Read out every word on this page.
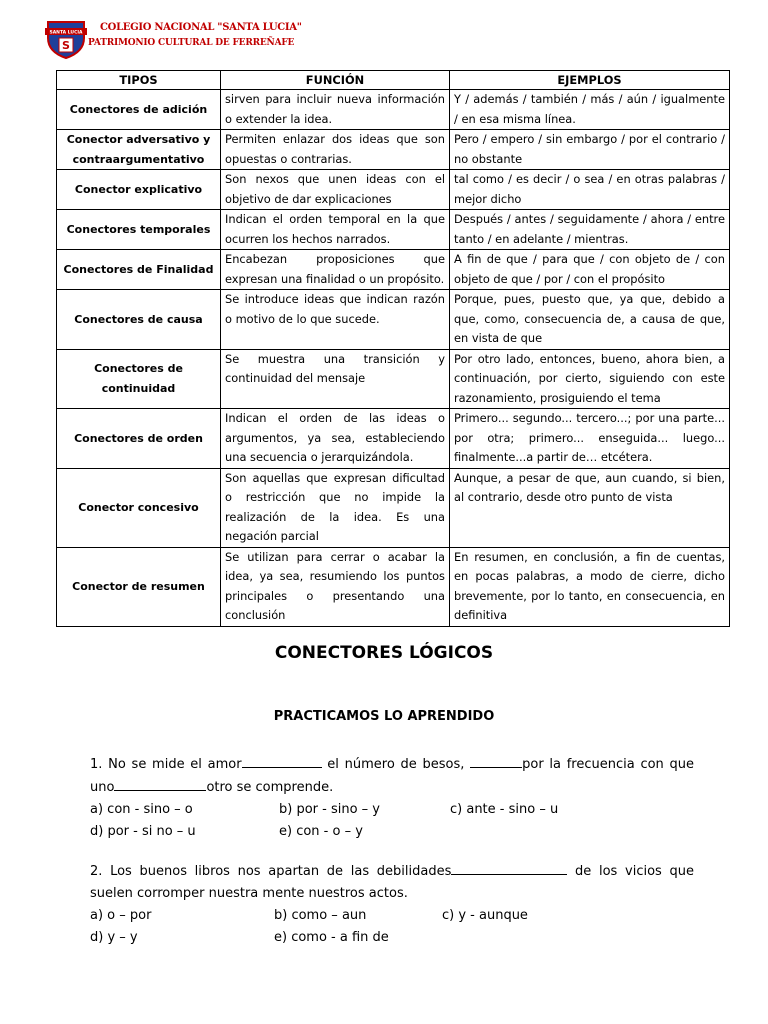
SANTA LUCIA
S
COLEGIO NACIONAL "SANTA LUCIA"
PATRIMONIO CULTURAL DE FERREÑAFE
TIPOS	FUNCIÓN	EJEMPLOS
Conectores de adición	sirven para incluir nueva información o extender la idea.	Y / además / también / más / aún / igualmente / en esa misma línea.
Conector adversativo y contraargumentativo	Permiten enlazar dos ideas que son opuestas o contrarias.	Pero / empero / sin embargo / por el contrario / no obstante
Conector explicativo	Son nexos que unen ideas con el objetivo de dar explicaciones	tal como / es decir / o sea / en otras palabras / mejor dicho
Conectores temporales	Indican el orden temporal en la que ocurren los hechos narrados.	Después / antes / seguidamente / ahora / entre tanto / en adelante / mientras.
Conectores de Finalidad	Encabezan proposiciones que expresan una finalidad o un propósito.	A fin de que / para que / con objeto de / con objeto de que / por / con el propósito
Conectores de causa	Se introduce ideas que indican razón o motivo de lo que sucede.	Porque, pues, puesto que, ya que, debido a que, como, consecuencia de, a causa de que, en vista de que
Conectores de continuidad	Se muestra una transición y continuidad del mensaje	Por otro lado, entonces, bueno, ahora bien, a continuación, por cierto, siguiendo con este razonamiento, prosiguiendo el tema
Conectores de orden	Indican el orden de las ideas o argumentos, ya sea, estableciendo una secuencia o jerarquizándola.	Primero... segundo... tercero...; por una parte... por otra; primero... enseguida... luego... finalmente...a partir de… etcétera.
Conector concesivo	Son aquellas que expresan dificultad o restricción que no impide la realización de la idea. Es una negación parcial	Aunque, a pesar de que, aun cuando, si bien, al contrario, desde otro punto de vista
Conector de resumen	Se utilizan para cerrar o acabar la idea, ya sea, resumiendo los puntos principales o presentando una conclusión	En resumen, en conclusión, a fin de cuentas, en pocas palabras, a modo de cierre, dicho brevemente, por lo tanto, en consecuencia, en definitiva
CONECTORES LÓGICOS
PRACTICAMOS LO APRENDIDO
1. No se mide el amor	el número de besos,	por la frecuencia con que uno	otro se comprende.
a) con - sino – o	b) por - sino – y	c) ante - sino – u
d) por - si no – u	e) con - o – y
2. Los buenos libros nos apartan de las debilidades	de los vicios que suelen corromper nuestra mente nuestros actos.
a) o – por	b) como – aun	c) y - aunque
d) y – y	e) como - a fin de
